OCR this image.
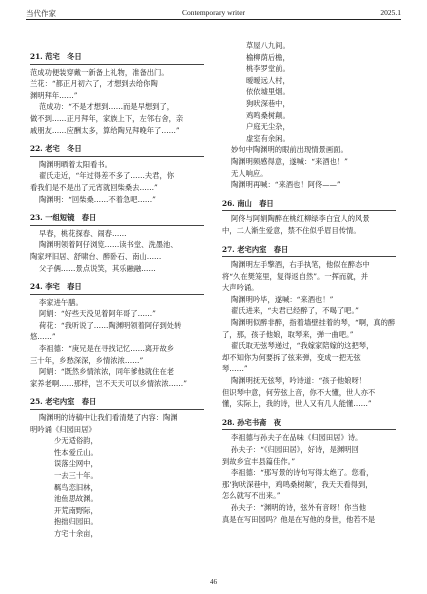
当代作家	Contemporary writer	2025.1
21. 范宅　冬日
范成功便装穿戴一新备上礼物，准备出门。
兰花：“都正月初六了，才想到去给你陶
渊明拜年……”
范成功：“不是才想到……而是早想到了，
做不到……正月拜年，家族上下，左邻右舍，亲
戚朋友……应酬太多，算给陶兄拜晚年了……”
22. 老宅　冬日
陶渊明晒着太阳看书。
翟氏走近，“年过得差不多了……夫君，你
看我们是不是出了元宵就回柴桑去……”
陶渊明：“回柴桑……不着急吧……”
23. 一组短镜　春日
早春，桃花探春、闹春……
陶渊明领着阿仔浏览……读书堂、洗墨池、
陶家坪旧居、舒啸台、醉卧石、南山……
父子俩……景点说笑，其乐融融……
24. 李宅　春日
李家进午膳。
阿娟：“好些天没见着阿年哥了……”
荷花：“我听说了……陶渊明领着阿仔到处转
悠……”
李祖德：“庚兄是在寻找记忆……离开故乡
三十年，乡愁深深，乡情浓浓……”
阿娟：“既然乡情浓浓，同年爹他就住在老
家养老啊……那样，岂不天天可以乡情浓浓……”
25. 老宅内室　春日
陶渊明的诗稿中让我们看清楚了内容：陶渊
明吟诵《归园田居》
少无适俗韵，
性本爱丘山。
误落尘网中，
一去三十年。
羁鸟恋旧林，
池鱼思故渊。
开荒南野际，
抱拙归园田。
方宅十余亩，
草屋八九间。
榆柳荫后檐，
桃李罗堂前。
暧暧远人村，
依依墟里烟。
狗吠深巷中，
鸡鸣桑树颠。
户庭无尘杂，
虚室有余闲。
妙句中陶渊明的眼前出现情景画面。
陶渊明频感得意，遂喊：“来酒也！”
无人响应。
陶渊明再喊：“来酒也！阿佟——”
26. 南山　春日
阿佟与阿娟陶醉在桃红柳绿李白宜人的风景
中，二人渐生爱意，禁不住似乎眉目传情。
27. 老宅内室　春日
陶渊明左手擎酒，右手执笔，他似在醉态中
将“久在樊笼里，复得返自然”。一挥而就，并
大声吟诵。
陶渊明吟毕，遂喊：“来酒也！”
翟氏进来，“夫君已经醉了，不喝了吧。”
陶渊明似醉非醉，指着墙壁挂着的琴，“啊，真的醉
了，那，孩子他娘，取琴来，弹一曲吧。”
翟氏取无弦琴递过，“我嫁家陪嫁的这把琴，
却不知你为何要拆了弦来弹，变成一把无弦
琴……”
陶渊明抚无弦琴，吟诗道：“孩子他娘呀！
但识琴中意，何劳弦上音，你不大懂，世人亦不
懂，实际上，我的诗，世人又有几人能懂……”
28. 孙宅书斋　夜
李祖德与孙夫子在品味《归园田居》诗。
孙夫子：“《归园田居》，好诗，是渊明回
到故乡宜丰县篇佳作。”
李祖德：“那写景的诗句写得太绝了。您看，
那‘狗吠深巷中，鸡鸣桑树颠’，我天天看得到，
怎么就写不出来。”
孙夫子：“渊明的诗，弦外有音呀！你当他
真是在写田园吗？他是在写他的身世，他若不是
46
